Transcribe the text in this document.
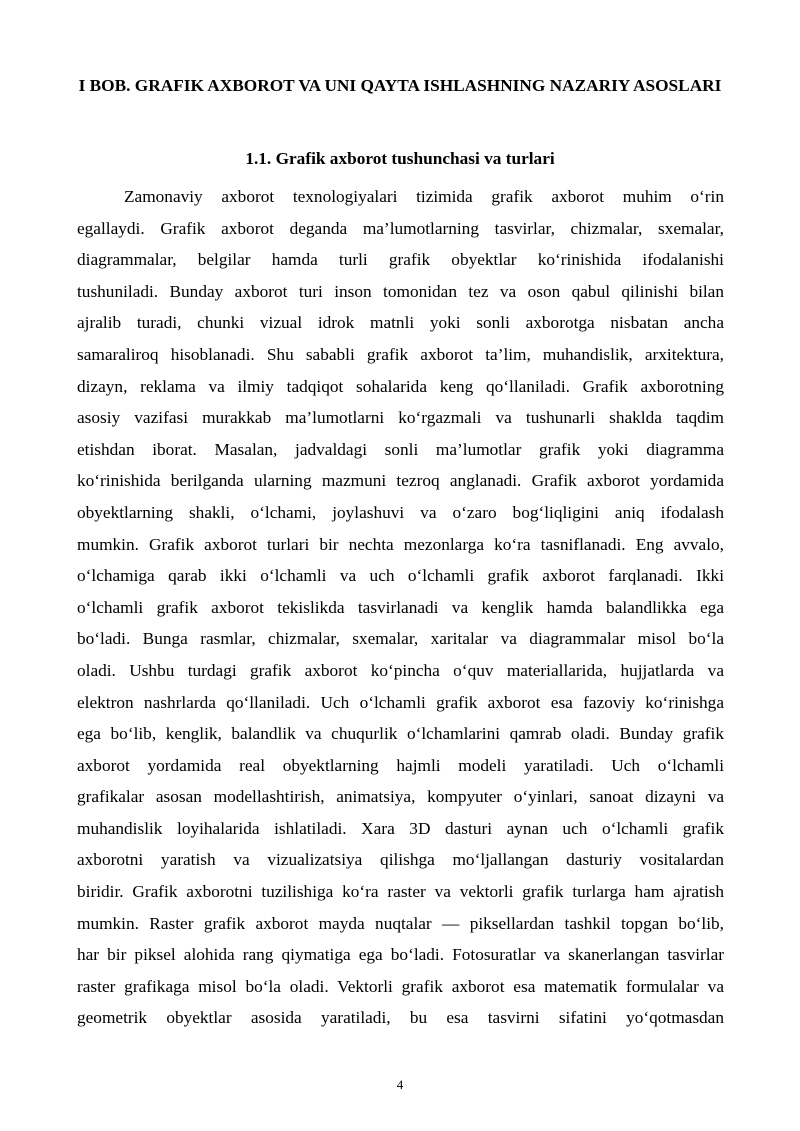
I BOB. GRAFIK AXBOROT VA UNI QAYTA ISHLASHNING NAZARIY ASOSLARI
1.1. Grafik axborot tushunchasi va turlari
Zamonaviy axborot texnologiyalari tizimida grafik axborot muhim o‘rin
egallaydi. Grafik axborot deganda ma’lumotlarning tasvirlar, chizmalar, sxemalar,
diagrammalar, belgilar hamda turli grafik obyektlar ko‘rinishida ifodalanishi
tushuniladi. Bunday axborot turi inson tomonidan tez va oson qabul qilinishi bilan
ajralib turadi, chunki vizual idrok matnli yoki sonli axborotga nisbatan ancha
samaraliroq hisoblanadi. Shu sababli grafik axborot ta’lim, muhandislik, arxitektura,
dizayn, reklama va ilmiy tadqiqot sohalarida keng qo‘llaniladi. Grafik axborotning
asosiy vazifasi murakkab ma’lumotlarni ko‘rgazmali va tushunarli shaklda taqdim
etishdan iborat. Masalan, jadvaldagi sonli ma’lumotlar grafik yoki diagramma
ko‘rinishida berilganda ularning mazmuni tezroq anglanadi. Grafik axborot yordamida
obyektlarning shakli, o‘lchami, joylashuvi va o‘zaro bog‘liqligini aniq ifodalash
mumkin. Grafik axborot turlari bir nechta mezonlarga ko‘ra tasniflanadi. Eng avvalo,
o‘lchamiga qarab ikki o‘lchamli va uch o‘lchamli grafik axborot farqlanadi. Ikki
o‘lchamli grafik axborot tekislikda tasvirlanadi va kenglik hamda balandlikka ega
bo‘ladi. Bunga rasmlar, chizmalar, sxemalar, xaritalar va diagrammalar misol bo‘la
oladi. Ushbu turdagi grafik axborot ko‘pincha o‘quv materiallarida, hujjatlarda va
elektron nashrlarda qo‘llaniladi. Uch o‘lchamli grafik axborot esa fazoviy ko‘rinishga
ega bo‘lib, kenglik, balandlik va chuqurlik o‘lchamlarini qamrab oladi. Bunday grafik
axborot yordamida real obyektlarning hajmli modeli yaratiladi. Uch o‘lchamli
grafikalar asosan modellashtirish, animatsiya, kompyuter o‘yinlari, sanoat dizayni va
muhandislik loyihalarida ishlatiladi. Xara 3D dasturi aynan uch o‘lchamli grafik
axborotni yaratish va vizualizatsiya qilishga mo‘ljallangan dasturiy vositalardan
biridir. Grafik axborotni tuzilishiga ko‘ra raster va vektorli grafik turlarga ham ajratish
mumkin. Raster grafik axborot mayda nuqtalar — piksellardan tashkil topgan bo‘lib,
har bir piksel alohida rang qiymatiga ega bo‘ladi. Fotosuratlar va skanerlangan tasvirlar
raster grafikaga misol bo‘la oladi. Vektorli grafik axborot esa matematik formulalar va
geometrik obyektlar asosida yaratiladi, bu esa tasvirni sifatini yo‘qotmasdan
4
